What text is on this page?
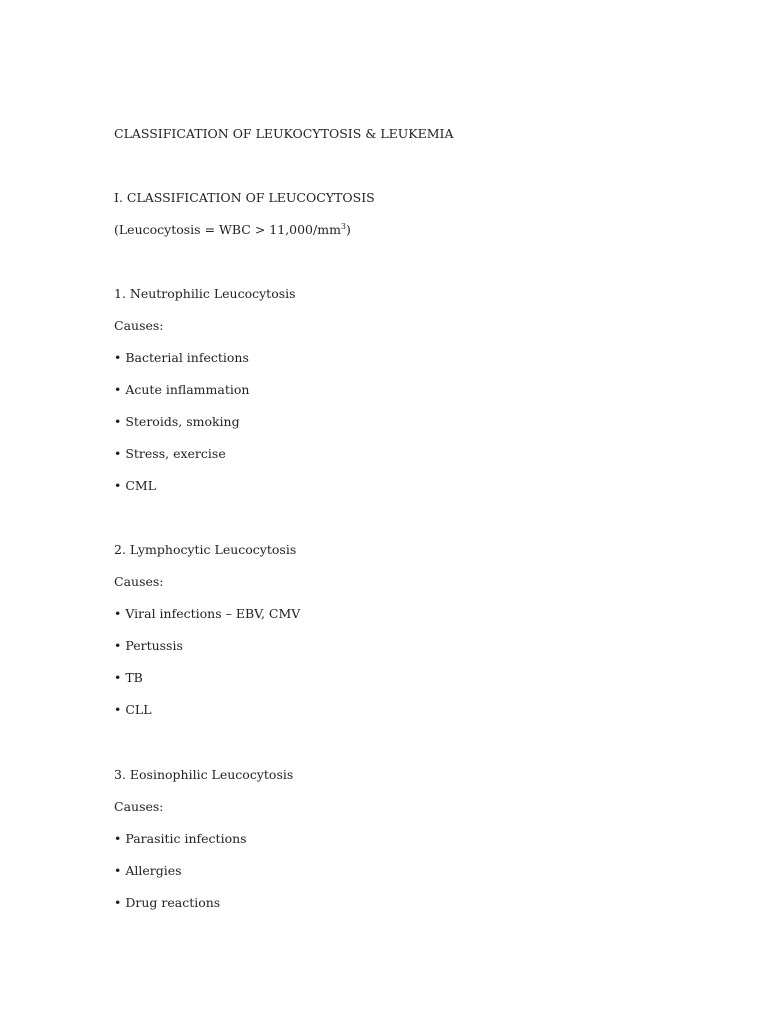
CLASSIFICATION OF LEUKOCYTOSIS & LEUKEMIA

I. CLASSIFICATION OF LEUCOCYTOSIS

(Leucocytosis = WBC > $11,000/mm^3$)

1. Neutrophilic Leucocytosis

Causes:

• Bacterial infections

• Acute inflammation

• Steroids, smoking

• Stress, exercise

• CML

2. Lymphocytic Leucocytosis

Causes:

• Viral infections – EBV, CMV

• Pertussis

• TB

• CLL

3. Eosinophilic Leucocytosis

Causes:

• Parasitic infections

• Allergies

• Drug reactions
